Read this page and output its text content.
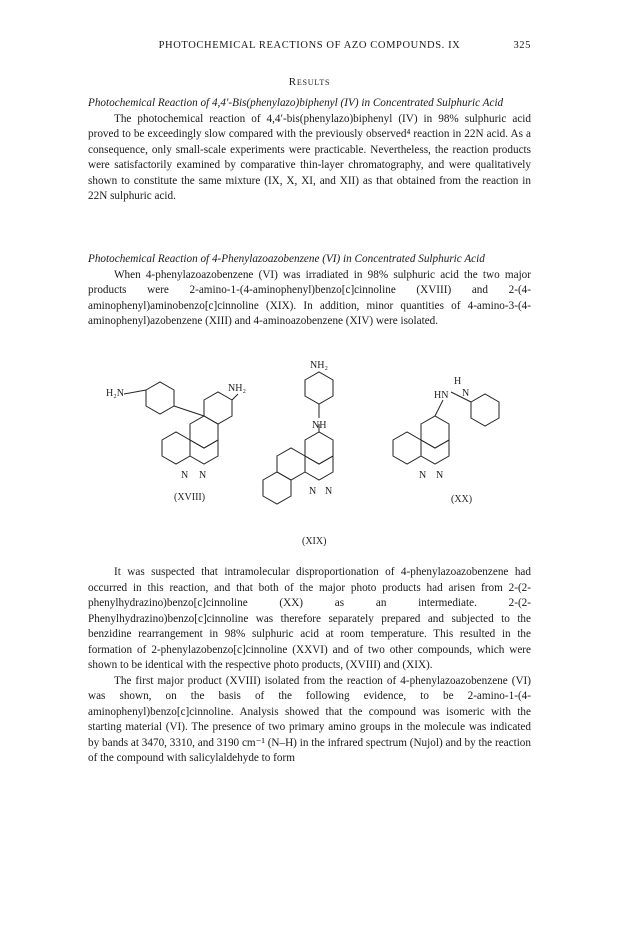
PHOTOCHEMICAL REACTIONS OF AZO COMPOUNDS. IX	325
Results

Photochemical Reaction of 4,4′-Bis(phenylazo)biphenyl (IV) in Concentrated Sulphuric Acid

The photochemical reaction of 4,4′-bis(phenylazo)biphenyl (IV) in 98% sulphuric acid proved to be exceedingly slow compared with the previously observed⁴ reaction in 22N acid. As a consequence, only small-scale experiments were practicable. Nevertheless, the reaction products were satisfactorily examined by comparative thin-layer chromatography, and were qualitatively shown to constitute the same mixture (IX, X, XI, and XII) as that obtained from the reaction in 22N sulphuric acid.

Photochemical Reaction of 4-Phenylazoazobenzene (VI) in Concentrated Sulphuric Acid

When 4-phenylazoazobenzene (VI) was irradiated in 98% sulphuric acid the two major products were 2-amino-1-(4-aminophenyl)benzo[c]cinnoline (XVIII) and 2-(4-aminophenyl)aminobenzo[c]cinnoline (XIX). In addition, minor quantities of 4-amino-3-(4-aminophenyl)azobenzene (XIII) and 4-aminoazobenzene (XIV) were isolated.

H₂N	NH₂
N N
(XVIII)
NH₂
NH
N N
(XIX)
H
HN N
N N
(XX)

It was suspected that intramolecular disproportionation of 4-phenylazoazobenzene had occurred in this reaction, and that both of the major photo products had arisen from 2-(2-phenylhydrazino)benzo[c]cinnoline (XX) as an intermediate. 2-(2-Phenylhydrazino)benzo[c]cinnoline was therefore separately prepared and subjected to the benzidine rearrangement in 98% sulphuric acid at room temperature. This resulted in the formation of 2-phenylazobenzo[c]cinnoline (XXVI) and of two other compounds, which were shown to be identical with the respective photo products, (XVIII) and (XIX).

The first major product (XVIII) isolated from the reaction of 4-phenylazoazobenzene (VI) was shown, on the basis of the following evidence, to be 2-amino-1-(4-aminophenyl)benzo[c]cinnoline. Analysis showed that the compound was isomeric with the starting material (VI). The presence of two primary amino groups in the molecule was indicated by bands at 3470, 3310, and 3190 cm⁻¹ (N–H) in the infrared spectrum (Nujol) and by the reaction of the compound with salicylaldehyde to form
